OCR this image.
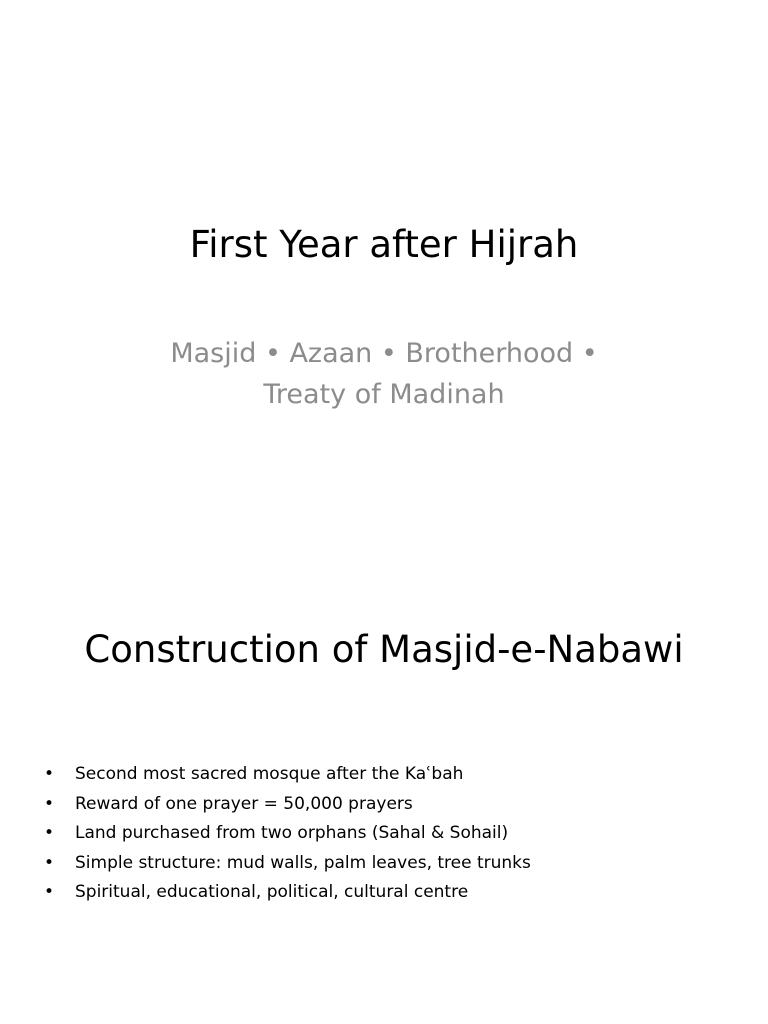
First Year after Hijrah
Masjid • Azaan • Brotherhood •
Treaty of Madinah
Construction of Masjid-e-Nabawi
• Second most sacred mosque after the Kaʿbah
• Reward of one prayer = 50,000 prayers
• Land purchased from two orphans (Sahal & Sohail)
• Simple structure: mud walls, palm leaves, tree trunks
• Spiritual, educational, political, cultural centre
